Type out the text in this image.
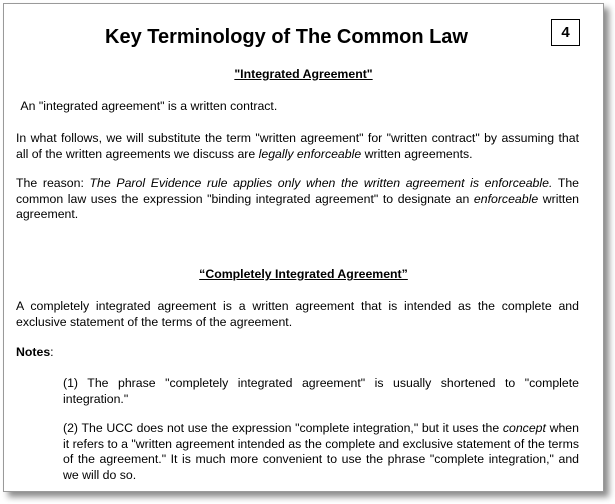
Key Terminology of The Common Law	4

"Integrated Agreement"

An "integrated agreement" is a written contract.

In what follows, we will substitute the term "written agreement" for "written contract" by assuming that all of the written agreements we discuss are legally enforceable written agreements.

The reason: The Parol Evidence rule applies only when the written agreement is enforceable. The common law uses the expression "binding integrated agreement" to designate an enforceable written agreement.

“Completely Integrated Agreement”

A completely integrated agreement is a written agreement that is intended as the complete and exclusive statement of the terms of the agreement.

Notes:

(1) The phrase "completely integrated agreement" is usually shortened to "complete integration."

(2) The UCC does not use the expression "complete integration," but it uses the concept when it refers to a "written agreement intended as the complete and exclusive statement of the terms of the agreement." It is much more convenient to use the phrase "complete integration," and we will do so.
